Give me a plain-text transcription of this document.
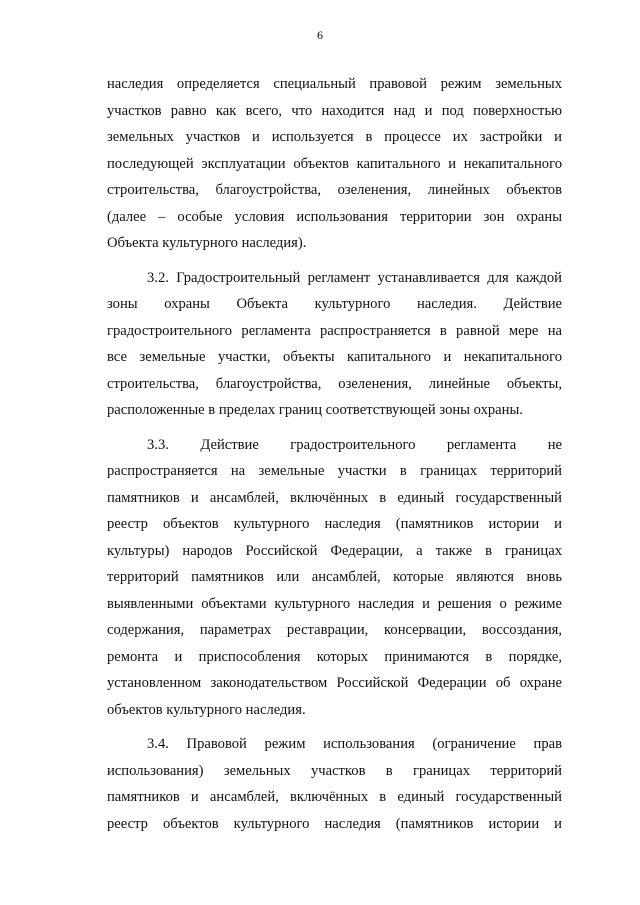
6

наследия определяется специальный правовой режим земельных
участков равно как всего, что находится над и под поверхностью
земельных участков и используется в процессе их застройки и
последующей эксплуатации объектов капитального и некапитального
строительства, благоустройства, озеленения, линейных объектов
(далее – особые условия использования территории зон охраны
Объекта культурного наследия).

3.2. Градостроительный регламент устанавливается для каждой
зоны охраны Объекта культурного наследия. Действие
градостроительного регламента распространяется в равной мере на
все земельные участки, объекты капитального и некапитального
строительства, благоустройства, озеленения, линейные объекты,
расположенные в пределах границ соответствующей зоны охраны.

3.3. Действие градостроительного регламента не
распространяется на земельные участки в границах территорий
памятников и ансамблей, включённых в единый государственный
реестр объектов культурного наследия (памятников истории и
культуры) народов Российской Федерации, а также в границах
территорий памятников или ансамблей, которые являются вновь
выявленными объектами культурного наследия и решения о режиме
содержания, параметрах реставрации, консервации, воссоздания,
ремонта и приспособления которых принимаются в порядке,
установленном законодательством Российской Федерации об охране
объектов культурного наследия.

3.4. Правовой режим использования (ограничение прав
использования) земельных участков в границах территорий
памятников и ансамблей, включённых в единый государственный
реестр объектов культурного наследия (памятников истории и
